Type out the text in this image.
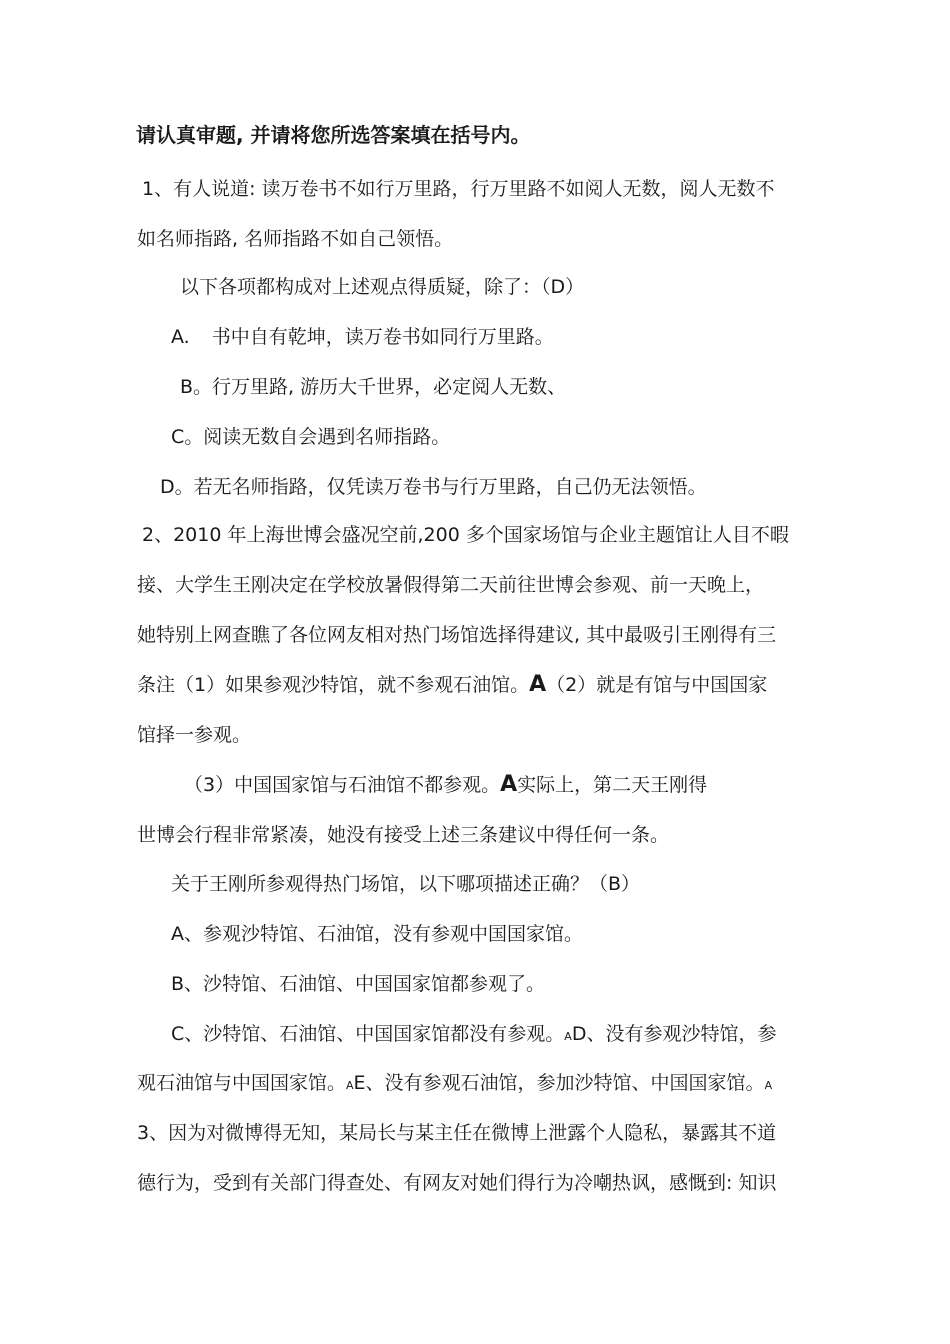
请认真审题, 并请将您所选答案填在括号内。
1、有人说道: 读万卷书不如行万里路，行万里路不如阅人无数，阅人无数不
如名师指路, 名师指路不如自己领悟。
以下各项都构成对上述观点得质疑，除了：（D）
A. 书中自有乾坤，读万卷书如同行万里路。
B。行万里路, 游历大千世界，必定阅人无数、
C。阅读无数自会遇到名师指路。
D。若无名师指路，仅凭读万卷书与行万里路，自己仍无法领悟。
2、2010 年上海世博会盛况空前,200 多个国家场馆与企业主题馆让人目不暇
接、大学生王刚决定在学校放暑假得第二天前往世博会参观、前一天晚上，
她特别上网查瞧了各位网友相对热门场馆选择得建议, 其中最吸引王刚得有三
条注（1）如果参观沙特馆，就不参观石油馆。A（2）就是有馆与中国国家
馆择一参观。
（3）中国国家馆与石油馆不都参观。A实际上，第二天王刚得
世博会行程非常紧凑，她没有接受上述三条建议中得任何一条。
关于王刚所参观得热门场馆，以下哪项描述正确？（B）
A、参观沙特馆、石油馆，没有参观中国国家馆。
B、沙特馆、石油馆、中国国家馆都参观了。
C、沙特馆、石油馆、中国国家馆都没有参观。AD、没有参观沙特馆，参
观石油馆与中国国家馆。AE、没有参观石油馆，参加沙特馆、中国国家馆。A
3、因为对微博得无知，某局长与某主任在微博上泄露个人隐私，暴露其不道
德行为，受到有关部门得查处、有网友对她们得行为冷嘲热讽，感慨到: 知识
